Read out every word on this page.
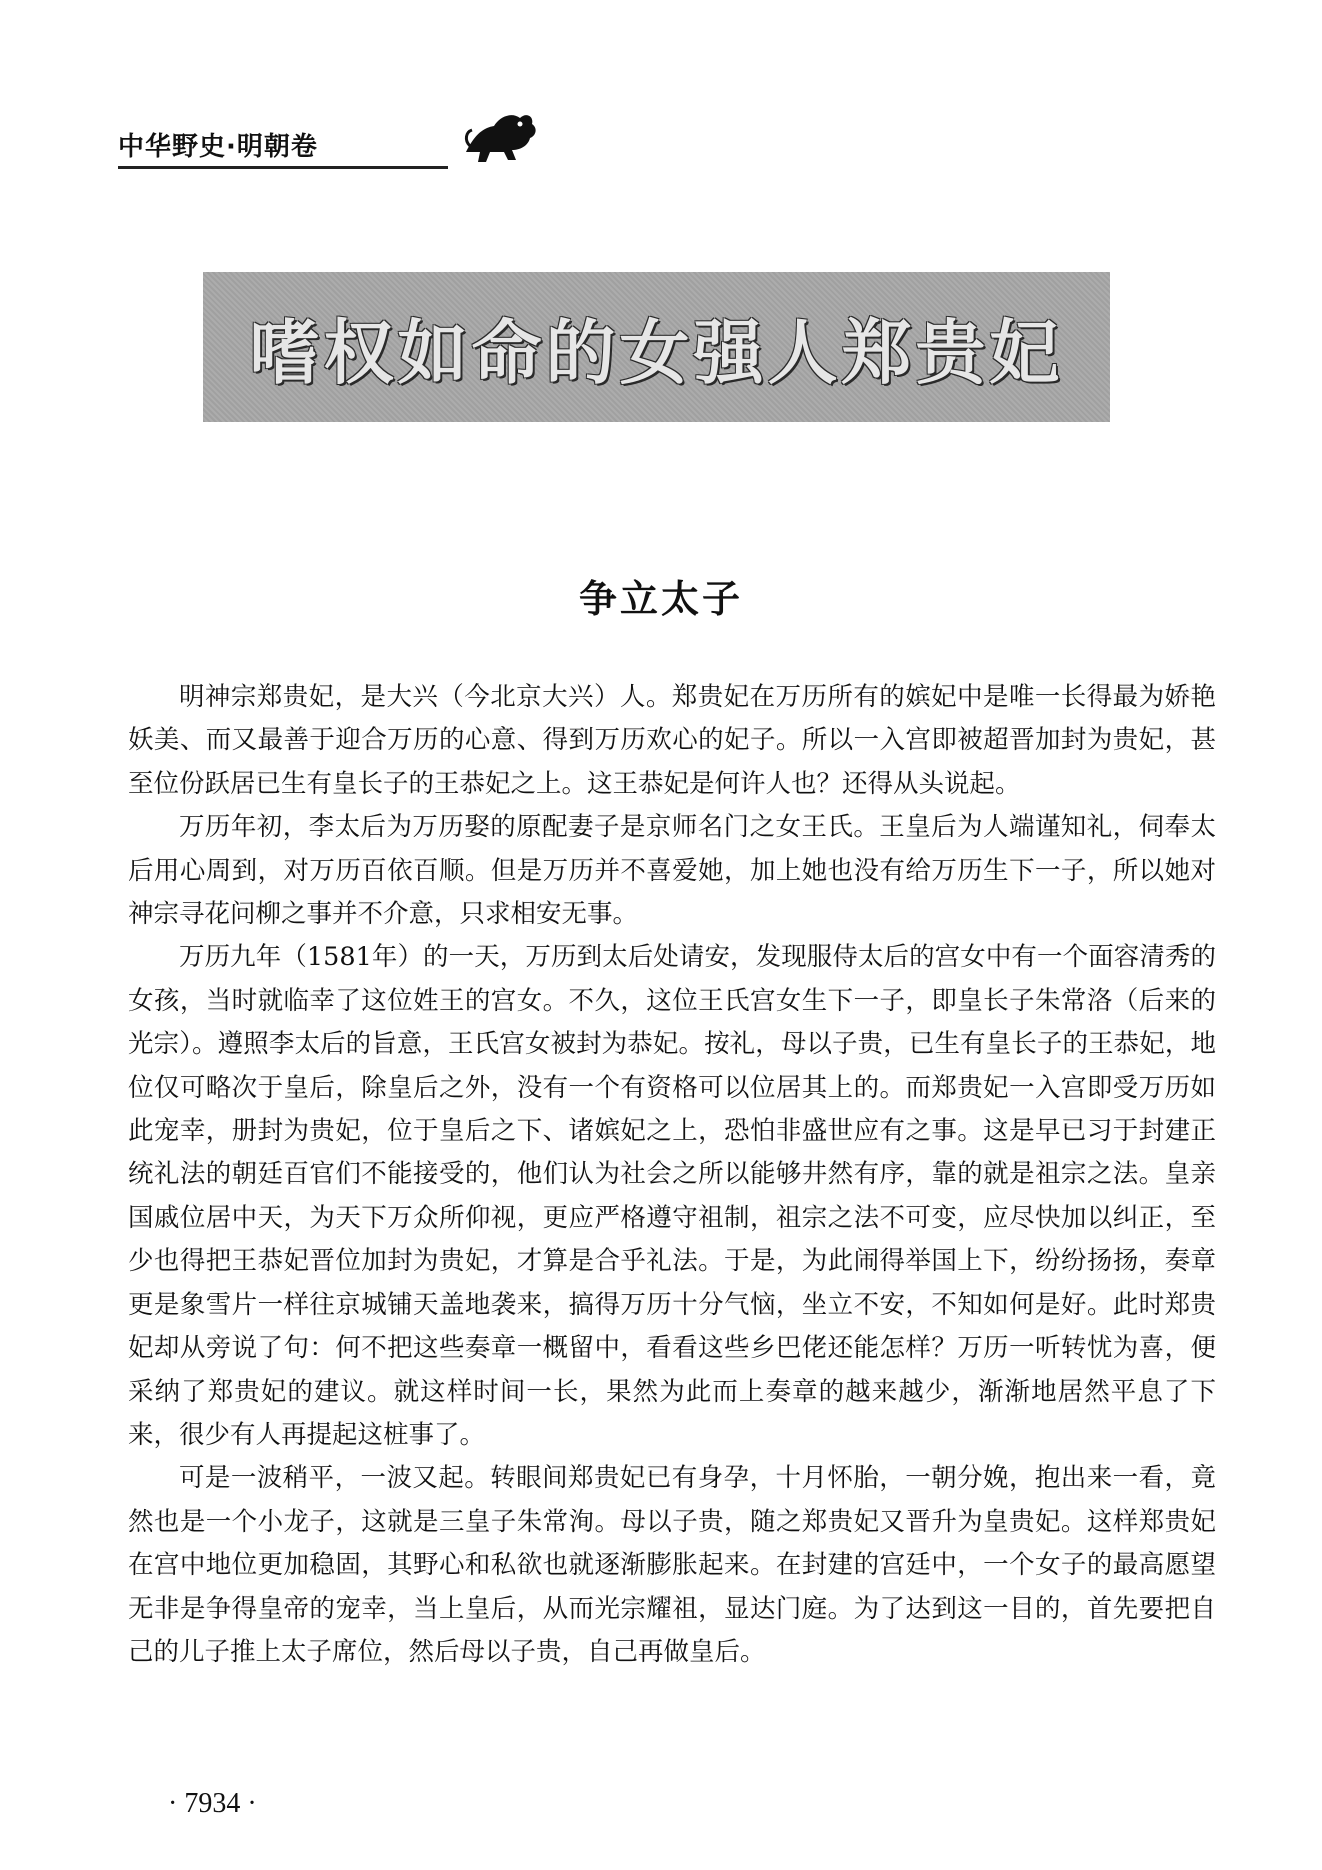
中华野史·明朝卷
嗜权如命的女强人郑贵妃
争立太子

明神宗郑贵妃，是大兴（今北京大兴）人。郑贵妃在万历所有的嫔妃中是唯一长得最为娇艳妖美、而又最善于迎合万历的心意、得到万历欢心的妃子。所以一入宫即被超晋加封为贵妃，甚至位份跃居已生有皇长子的王恭妃之上。这王恭妃是何许人也？还得从头说起。

万历年初，李太后为万历娶的原配妻子是京师名门之女王氏。王皇后为人端谨知礼，伺奉太后用心周到，对万历百依百顺。但是万历并不喜爱她，加上她也没有给万历生下一子，所以她对神宗寻花问柳之事并不介意，只求相安无事。

万历九年（1581年）的一天，万历到太后处请安，发现服侍太后的宫女中有一个面容清秀的女孩，当时就临幸了这位姓王的宫女。不久，这位王氏宫女生下一子，即皇长子朱常洛（后来的光宗）。遵照李太后的旨意，王氏宫女被封为恭妃。按礼，母以子贵，已生有皇长子的王恭妃，地位仅可略次于皇后，除皇后之外，没有一个有资格可以位居其上的。而郑贵妃一入宫即受万历如此宠幸，册封为贵妃，位于皇后之下、诸嫔妃之上，恐怕非盛世应有之事。这是早已习于封建正统礼法的朝廷百官们不能接受的，他们认为社会之所以能够井然有序，靠的就是祖宗之法。皇亲国戚位居中天，为天下万众所仰视，更应严格遵守祖制，祖宗之法不可变，应尽快加以纠正，至少也得把王恭妃晋位加封为贵妃，才算是合乎礼法。于是，为此闹得举国上下，纷纷扬扬，奏章更是象雪片一样往京城铺天盖地袭来，搞得万历十分气恼，坐立不安，不知如何是好。此时郑贵妃却从旁说了句：何不把这些奏章一概留中，看看这些乡巴佬还能怎样？万历一听转忧为喜，便采纳了郑贵妃的建议。就这样时间一长，果然为此而上奏章的越来越少，渐渐地居然平息了下来，很少有人再提起这桩事了。

可是一波稍平，一波又起。转眼间郑贵妃已有身孕，十月怀胎，一朝分娩，抱出来一看，竟然也是一个小龙子，这就是三皇子朱常洵。母以子贵，随之郑贵妃又晋升为皇贵妃。这样郑贵妃在宫中地位更加稳固，其野心和私欲也就逐渐膨胀起来。在封建的宫廷中，一个女子的最高愿望无非是争得皇帝的宠幸，当上皇后，从而光宗耀祖，显达门庭。为了达到这一目的，首先要把自己的儿子推上太子席位，然后母以子贵，自己再做皇后。

· 7934 ·
